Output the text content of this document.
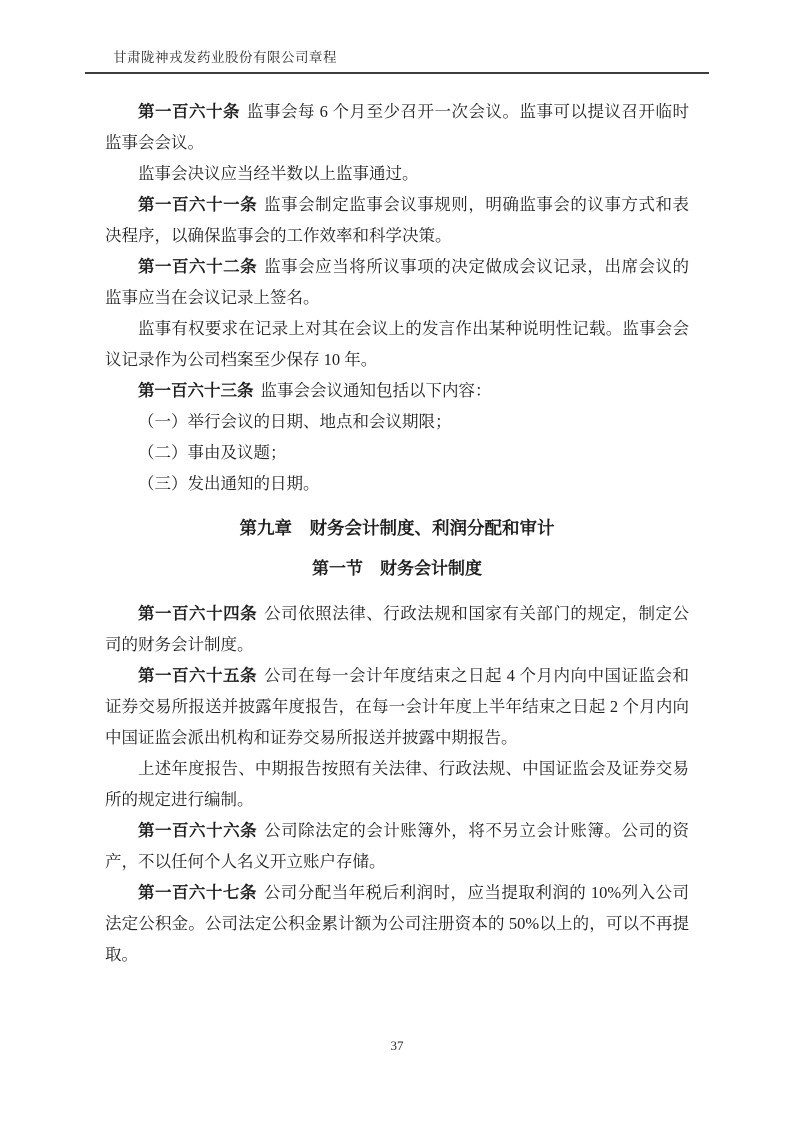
甘肃陇神戎发药业股份有限公司章程

第一百六十条 监事会每 6 个月至少召开一次会议。监事可以提议召开临时监事会会议。

监事会决议应当经半数以上监事通过。

第一百六十一条 监事会制定监事会议事规则，明确监事会的议事方式和表决程序，以确保监事会的工作效率和科学决策。

第一百六十二条 监事会应当将所议事项的决定做成会议记录，出席会议的监事应当在会议记录上签名。

监事有权要求在记录上对其在会议上的发言作出某种说明性记载。监事会会议记录作为公司档案至少保存 10 年。

第一百六十三条 监事会会议通知包括以下内容：

（一）举行会议的日期、地点和会议期限；

（二）事由及议题；

（三）发出通知的日期。

第九章　财务会计制度、利润分配和审计

第一节　财务会计制度

第一百六十四条 公司依照法律、行政法规和国家有关部门的规定，制定公司的财务会计制度。

第一百六十五条 公司在每一会计年度结束之日起 4 个月内向中国证监会和证券交易所报送并披露年度报告，在每一会计年度上半年结束之日起 2 个月内向中国证监会派出机构和证券交易所报送并披露中期报告。

上述年度报告、中期报告按照有关法律、行政法规、中国证监会及证券交易所的规定进行编制。

第一百六十六条 公司除法定的会计账簿外，将不另立会计账簿。公司的资产，不以任何个人名义开立账户存储。

第一百六十七条 公司分配当年税后利润时，应当提取利润的 10%列入公司法定公积金。公司法定公积金累计额为公司注册资本的 50%以上的，可以不再提取。

37
